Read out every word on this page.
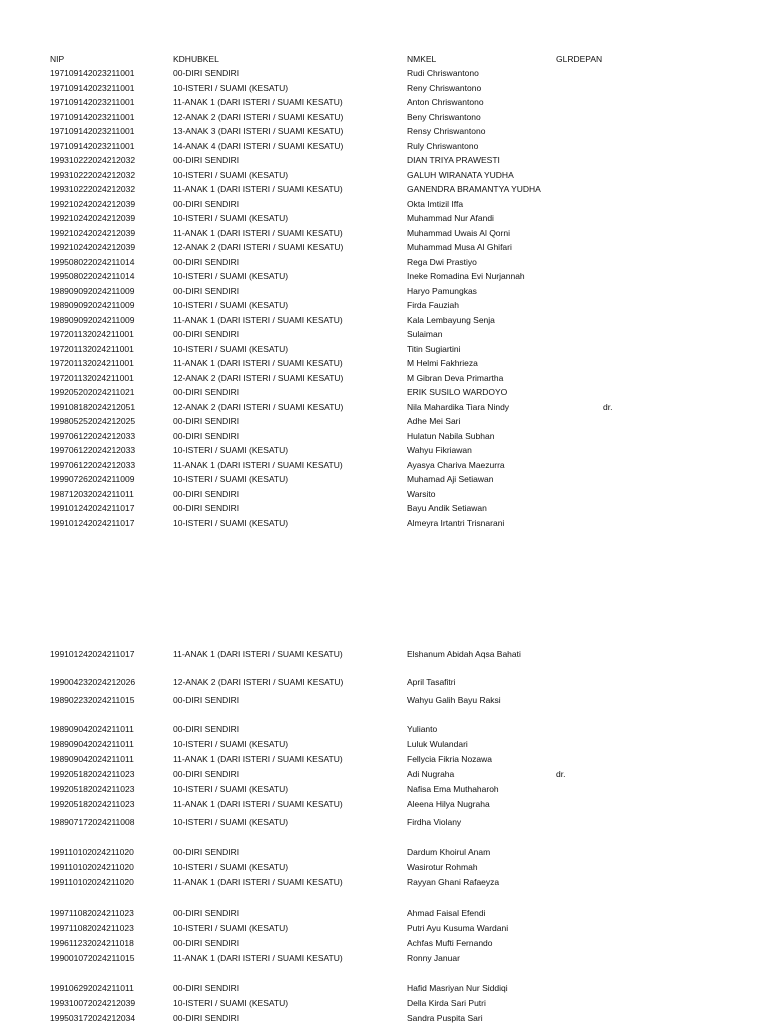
NIP	KDHUBKEL	NMKEL	GLRDEPAN
197109142023211001	00-DIRI SENDIRI	Rudi Chriswantono
197109142023211001	10-ISTERI / SUAMI (KESATU)	Reny Chriswantono
197109142023211001	11-ANAK 1 (DARI ISTERI / SUAMI KESATU)	Anton Chriswantono
197109142023211001	12-ANAK 2 (DARI ISTERI / SUAMI KESATU)	Beny Chriswantono
197109142023211001	13-ANAK 3 (DARI ISTERI / SUAMI KESATU)	Rensy Chriswantono
197109142023211001	14-ANAK 4 (DARI ISTERI / SUAMI KESATU)	Ruly Chriswantono
199310222024212032	00-DIRI SENDIRI	DIAN TRIYA PRAWESTI
199310222024212032	10-ISTERI / SUAMI (KESATU)	GALUH WIRANATA YUDHA
199310222024212032	11-ANAK 1 (DARI ISTERI / SUAMI KESATU)	GANENDRA BRAMANTYA YUDHA
199210242024212039	00-DIRI SENDIRI	Okta Imtizil Iffa
199210242024212039	10-ISTERI / SUAMI (KESATU)	Muhammad Nur Afandi
199210242024212039	11-ANAK 1 (DARI ISTERI / SUAMI KESATU)	Muhammad Uwais Al Qorni
199210242024212039	12-ANAK 2 (DARI ISTERI / SUAMI KESATU)	Muhammad Musa Al Ghifari
199508022024211014	00-DIRI SENDIRI	Rega Dwi Prastiyo
199508022024211014	10-ISTERI / SUAMI (KESATU)	Ineke Romadina Evi Nurjannah
198909092024211009	00-DIRI SENDIRI	Haryo Pamungkas
198909092024211009	10-ISTERI / SUAMI (KESATU)	Firda Fauziah
198909092024211009	11-ANAK 1 (DARI ISTERI / SUAMI KESATU)	Kala Lembayung Senja
197201132024211001	00-DIRI SENDIRI	Sulaiman
197201132024211001	10-ISTERI / SUAMI (KESATU)	Titin Sugiartini
197201132024211001	11-ANAK 1 (DARI ISTERI / SUAMI KESATU)	M Helmi Fakhrieza
197201132024211001	12-ANAK 2 (DARI ISTERI / SUAMI KESATU)	M Gibran Deva Primartha
199205202024211021	00-DIRI SENDIRI	ERIK SUSILO WARDOYO
199108182024212051	12-ANAK 2 (DARI ISTERI / SUAMI KESATU)	Nila Mahardika Tiara Nindy	dr.
199805252024212025	00-DIRI SENDIRI	Adhe Mei Sari
199706122024212033	00-DIRI SENDIRI	Hulatun Nabila Subhan
199706122024212033	10-ISTERI / SUAMI (KESATU)	Wahyu Fikriawan
199706122024212033	11-ANAK 1 (DARI ISTERI / SUAMI KESATU)	Ayasya Chariva Maezurra
199907262024211009	10-ISTERI / SUAMI (KESATU)	Muhamad Aji Setiawan
198712032024211011	00-DIRI SENDIRI	Warsito
199101242024211017	00-DIRI SENDIRI	Bayu Andik Setiawan
199101242024211017	10-ISTERI / SUAMI (KESATU)	Almeyra Irtantri Trisnarani
199101242024211017	11-ANAK 1 (DARI ISTERI / SUAMI KESATU)	Elshanum Abidah Aqsa Bahati
199004232024212026	12-ANAK 2 (DARI ISTERI / SUAMI KESATU)	April Tasafitri
198902232024211015	00-DIRI SENDIRI	Wahyu Galih Bayu Raksi
198909042024211011	00-DIRI SENDIRI	Yulianto
198909042024211011	10-ISTERI / SUAMI (KESATU)	Luluk Wulandari
198909042024211011	11-ANAK 1 (DARI ISTERI / SUAMI KESATU)	Fellycia Fikria Nozawa
199205182024211023	00-DIRI SENDIRI	Adi Nugraha	dr.
199205182024211023	10-ISTERI / SUAMI (KESATU)	Nafisa Ema Muthaharoh
199205182024211023	11-ANAK 1 (DARI ISTERI / SUAMI KESATU)	Aleena Hilya Nugraha
198907172024211008	10-ISTERI / SUAMI (KESATU)	Firdha Violany
199110102024211020	00-DIRI SENDIRI	Dardum Khoirul Anam
199110102024211020	10-ISTERI / SUAMI (KESATU)	Wasirotur Rohmah
199110102024211020	11-ANAK 1 (DARI ISTERI / SUAMI KESATU)	Rayyan Ghani Rafaeyza
199711082024211023	00-DIRI SENDIRI	Ahmad Faisal Efendi
199711082024211023	10-ISTERI / SUAMI (KESATU)	Putri Ayu Kusuma Wardani
199611232024211018	00-DIRI SENDIRI	Achfas Mufti Fernando
199001072024211015	11-ANAK 1 (DARI ISTERI / SUAMI KESATU)	Ronny Januar
199106292024211011	00-DIRI SENDIRI	Hafid Masriyan Nur Siddiqi
199310072024212039	10-ISTERI / SUAMI (KESATU)	Della Kirda Sari Putri
199503172024212034	00-DIRI SENDIRI	Sandra Puspita Sari
